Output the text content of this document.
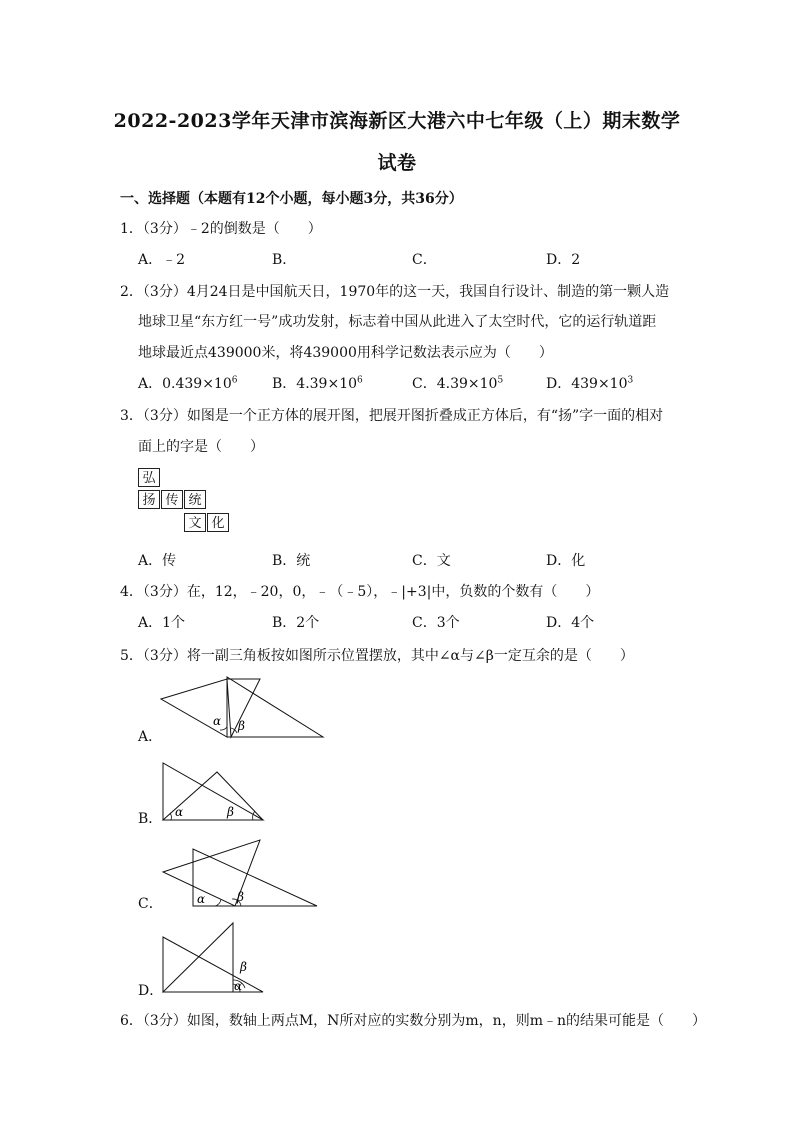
2022-2023学年天津市滨海新区大港六中七年级（上）期末数学
试卷
一、选择题（本题有12个小题，每小题3分，共36分）
1．（3分）﹣2的倒数是（　　）
A．﹣2	B．	C．	D．2
2．（3分）4月24日是中国航天日，1970年的这一天，我国自行设计、制造的第一颗人造
地球卫星“东方红一号”成功发射，标志着中国从此进入了太空时代，它的运行轨道距
地球最近点439000米，将439000用科学记数法表示应为（　　）
A．$0.439\times 10^6$ B．$4.39\times 10^6$	C．$4.39\times 10^5$	D．$439\times 10^3$
3．（3分）如图是一个正方体的展开图，把展开图折叠成正方体后，有“扬”字一面的相对
面上的字是（　　）
弘
扬 传 统
文 化
A．传	B．统	C．文	D．化
4．（3分）在，12，﹣20，0，﹣（﹣5），﹣|+3|中，负数的个数有（　　）
A．1个	B．2个	C．3个	D．4个
5．（3分）将一副三角板按如图所示位置摆放，其中∠α与∠β一定互余的是（　　）
A．
α β
B． α	β
C．	α	β
D．
β
α
6．（3分）如图，数轴上两点M，N所对应的实数分别为m，n，则m﹣n的结果可能是（　　）
